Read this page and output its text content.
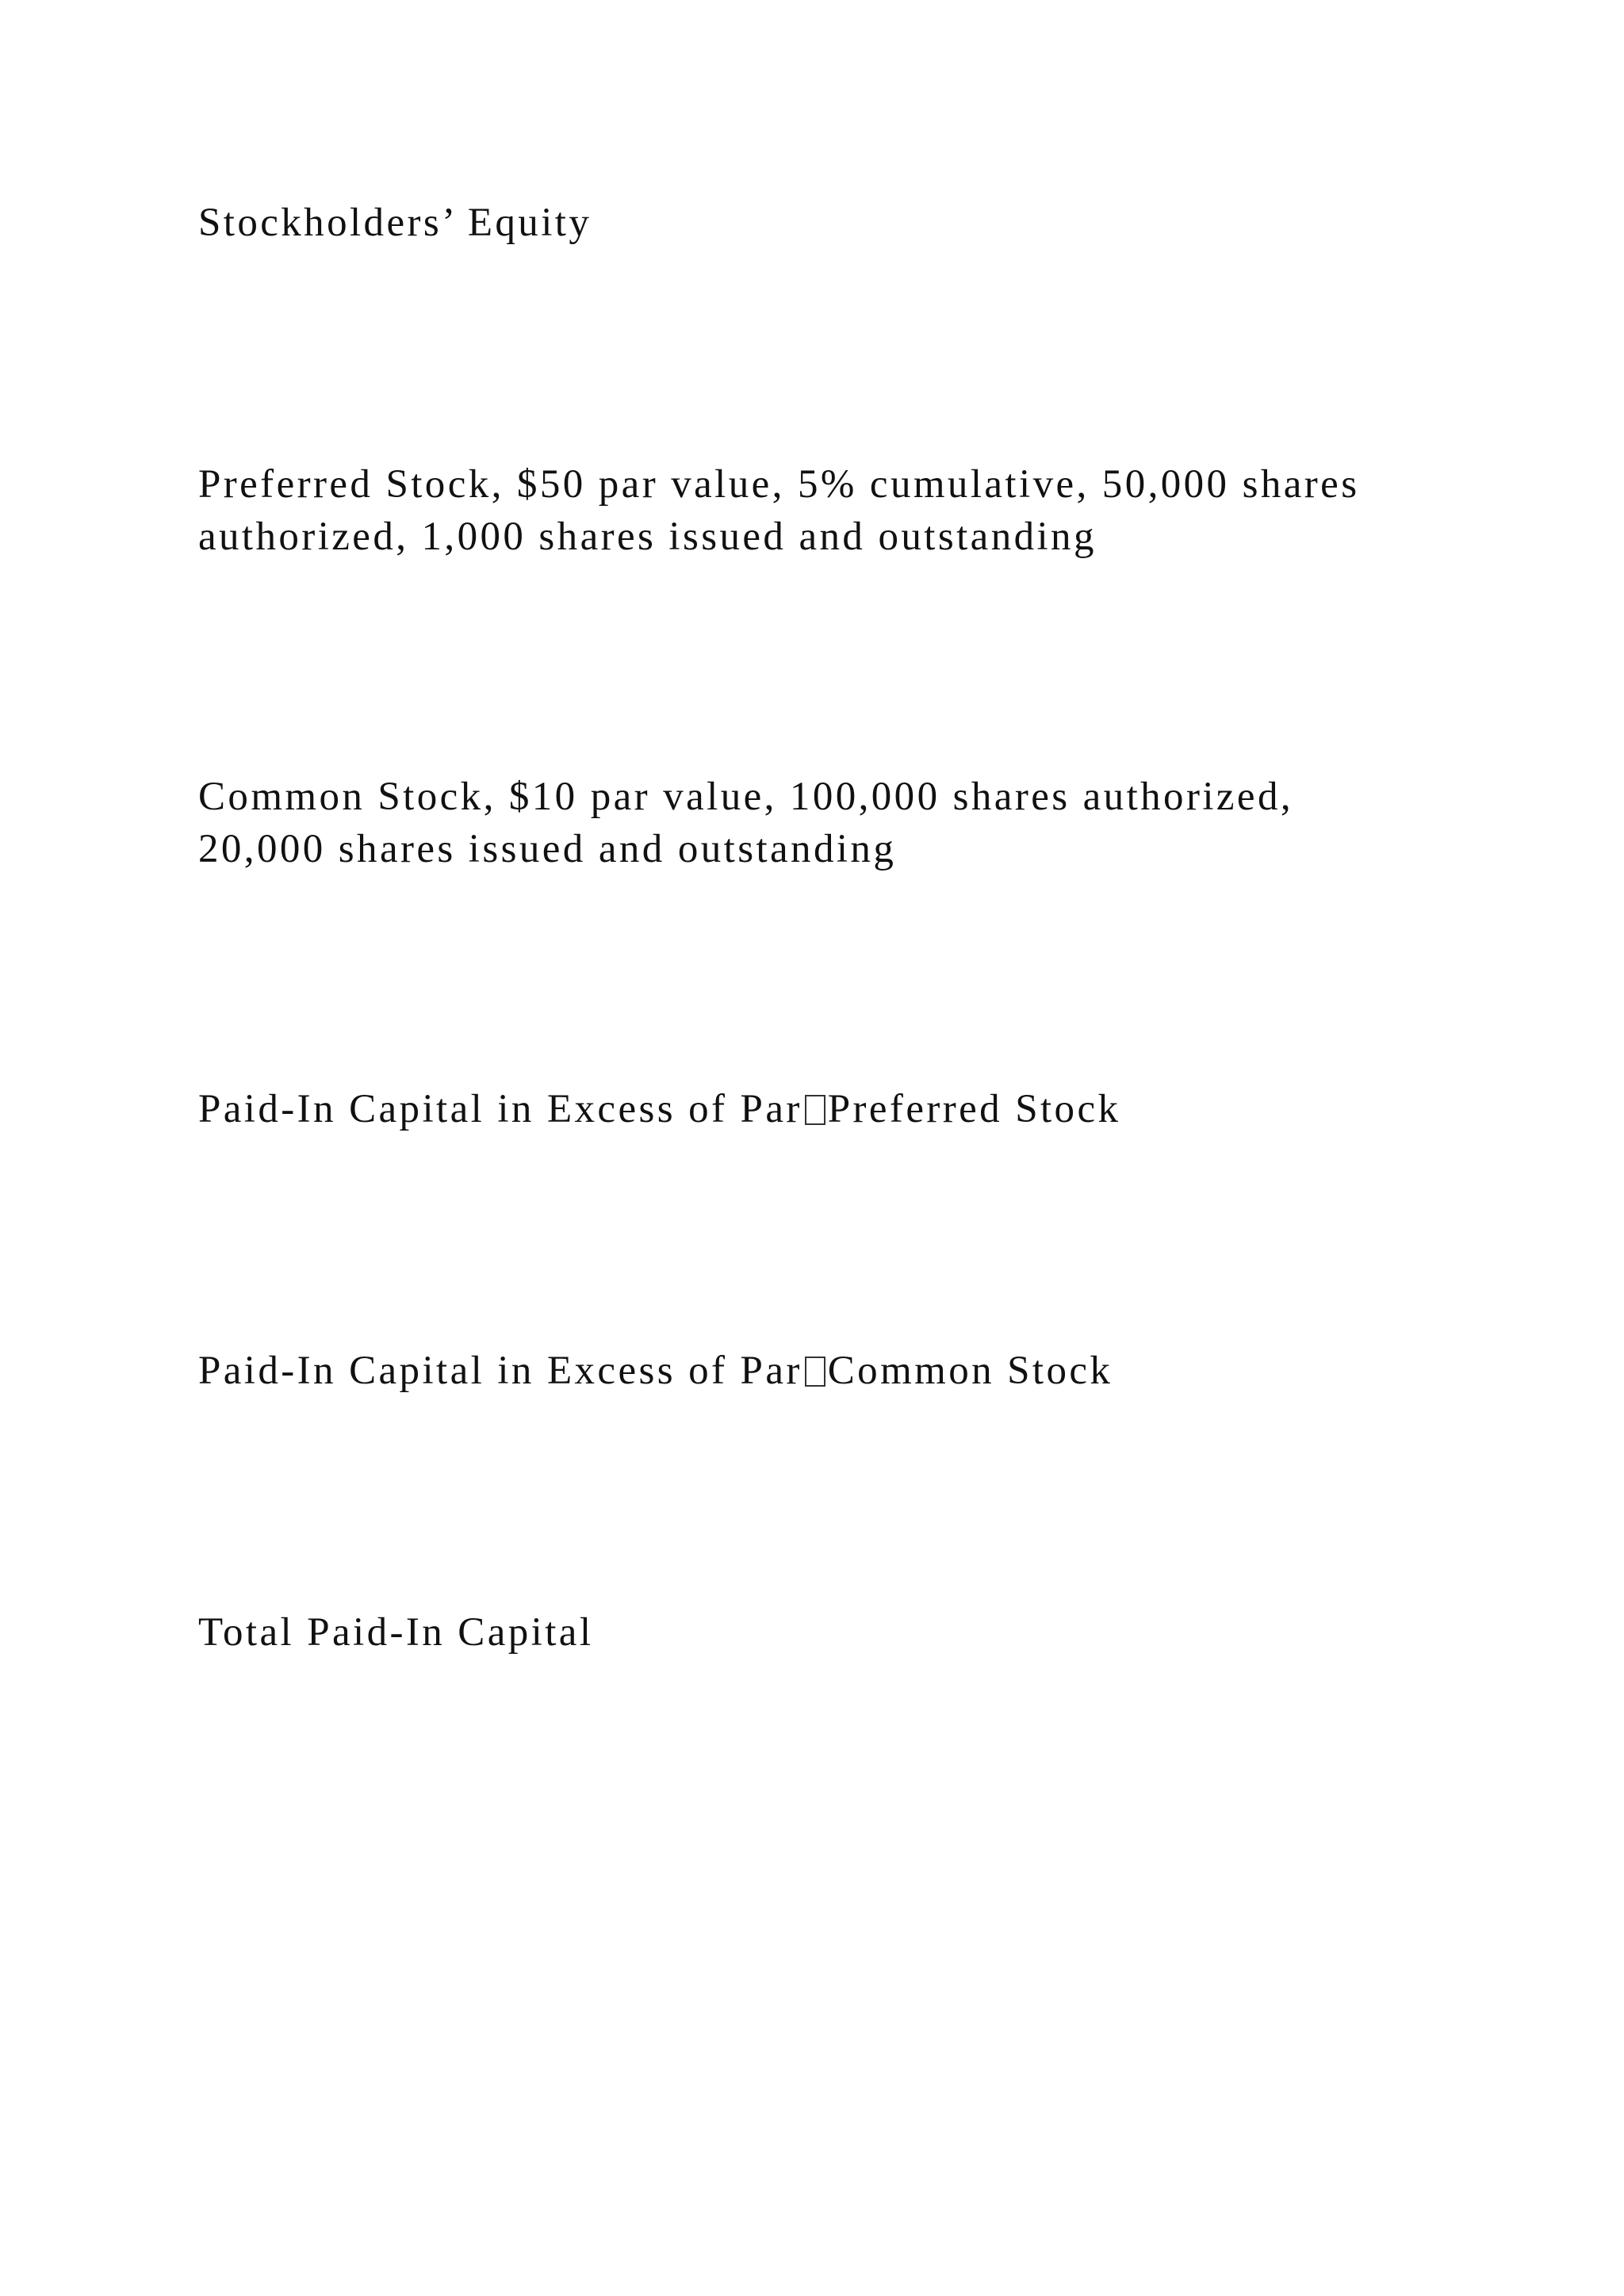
Stockholders’ Equity
Preferred Stock, $50 par value, 5% cumulative, 50,000 shares
authorized, 1,000 shares issued and outstanding
Common Stock, $10 par value, 100,000 shares authorized,
20,000 shares issued and outstanding
Paid-In Capital in Excess of Par Preferred Stock
Paid-In Capital in Excess of Par Common Stock
Total Paid-In Capital
